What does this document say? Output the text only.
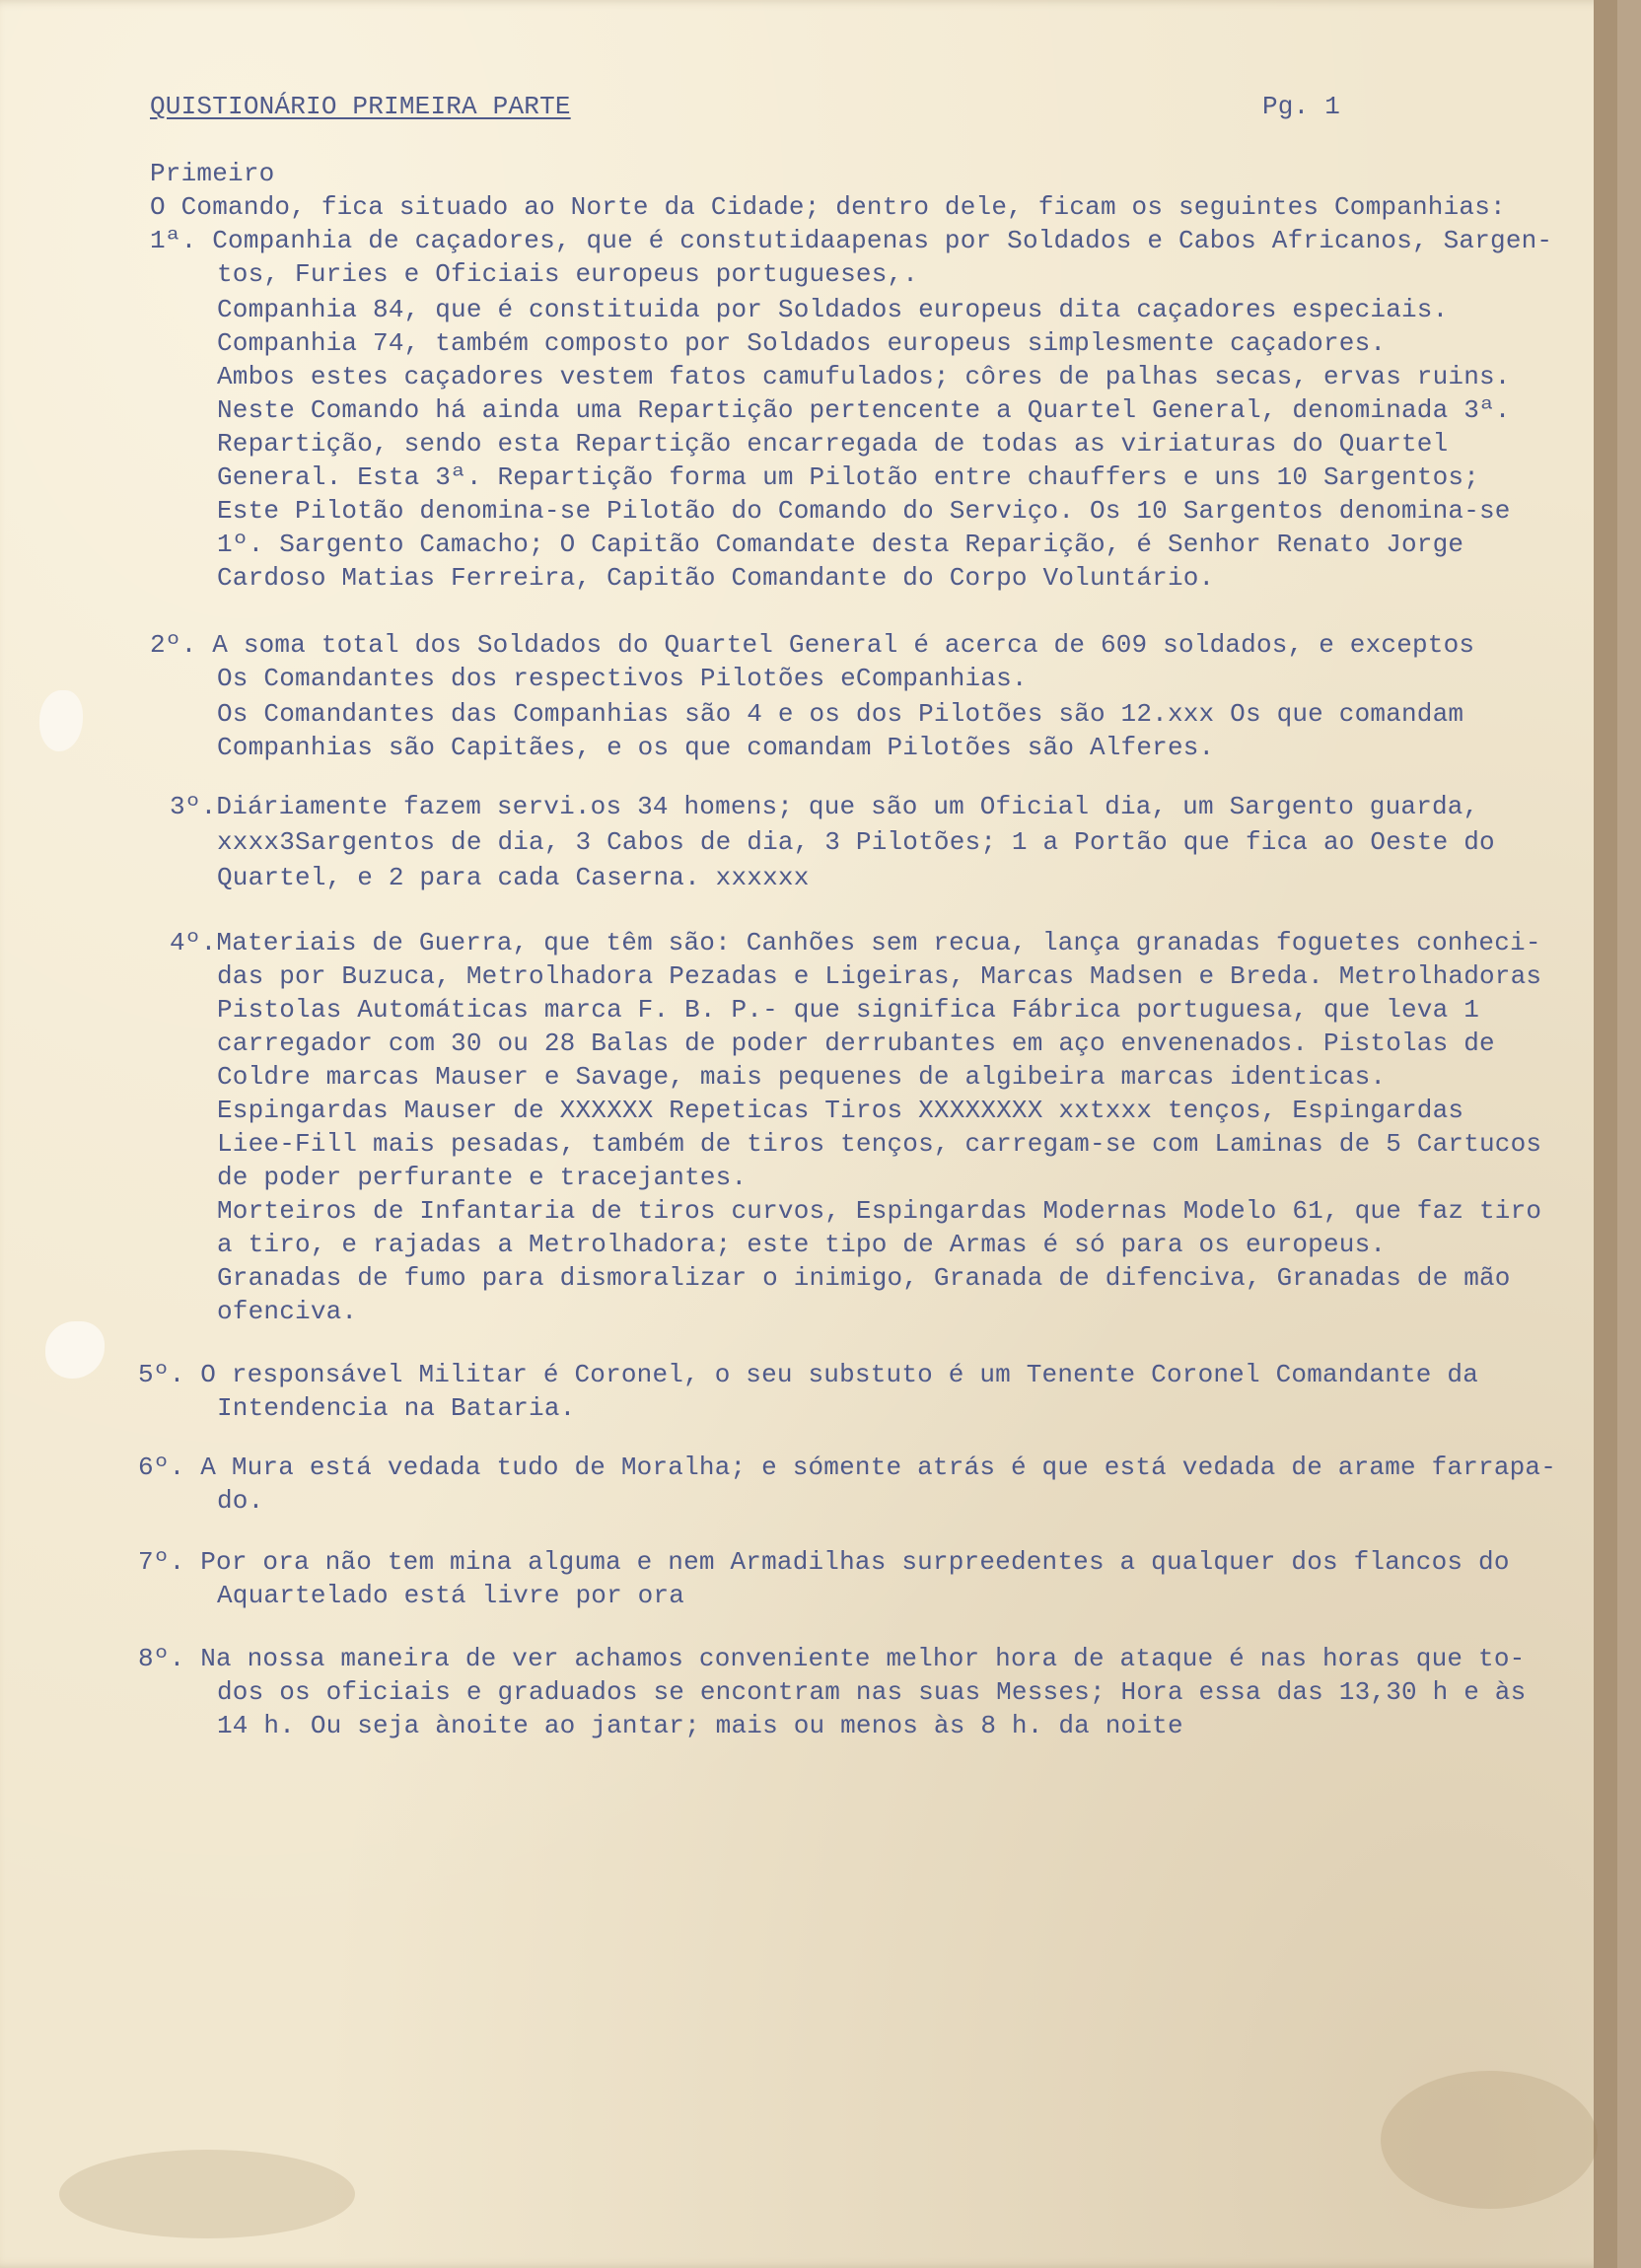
QUISTIONÁRIO PRIMEIRA PARTE	Pg. 1
Primeiro
O Comando, fica situado ao Norte da Cidade; dentro dele, ficam os seguintes Companhias:
1ª. Companhia de caçadores, que é constutidaapenas por Soldados e Cabos Africanos, Sargen-
tos, Furies e Oficiais europeus portugueses,.
Companhia 84, que é constituida por Soldados europeus dita caçadores especiais.
Companhia 74, também composto por Soldados europeus simplesmente caçadores.
Ambos estes caçadores vestem fatos camufulados; côres de palhas secas, ervas ruins.
Neste Comando há ainda uma Repartição pertencente a Quartel General, denominada 3ª.
Repartição, sendo esta Repartição encarregada de todas as viriaturas do Quartel
General. Esta 3ª. Repartição forma um Pilotão entre chauffers e uns 10 Sargentos;
Este Pilotão denomina-se Pilotão do Comando do Serviço. Os 10 Sargentos denomina-se
1º. Sargento Camacho; O Capitão Comandate desta Reparição, é Senhor Renato Jorge
Cardoso Matias Ferreira, Capitão Comandante do Corpo Voluntário.
2º. A soma total dos Soldados do Quartel General é acerca de 609 soldados, e exceptos
Os Comandantes dos respectivos Pilotões eCompanhias.
Os Comandantes das Companhias são 4 e os dos Pilotões são 12.xxx Os que comandam
Companhias são Capitães, e os que comandam Pilotões são Alferes.
3º.Diáriamente fazem servi.os 34 homens; que são um Oficial dia, um Sargento guarda,
xxxx3Sargentos de dia, 3 Cabos de dia, 3 Pilotões; 1 a Portão que fica ao Oeste do
Quartel, e 2 para cada Caserna. xxxxxx
4º.Materiais de Guerra, que têm são: Canhões sem recua, lança granadas foguetes conheci-
das por Buzuca, Metrolhadora Pezadas e Ligeiras, Marcas Madsen e Breda. Metrolhadoras
Pistolas Automáticas marca F. B. P.- que significa Fábrica portuguesa, que leva 1
carregador com 30 ou 28 Balas de poder derrubantes em aço envenenados. Pistolas de
Coldre marcas Mauser e Savage, mais pequenes de algibeira marcas identicas.
Espingardas Mauser de XXXXXX Repeticas Tiros XXXXXXXX xxtxxx tenços, Espingardas
Liee-Fill mais pesadas, também de tiros tenços, carregam-se com Laminas de 5 Cartucos
de poder perfurante e tracejantes.
Morteiros de Infantaria de tiros curvos, Espingardas Modernas Modelo 61, que faz tiro
a tiro, e rajadas a Metrolhadora; este tipo de Armas é só para os europeus.
Granadas de fumo para dismoralizar o inimigo, Granada de difenciva, Granadas de mão
ofenciva.
5º. O responsável Militar é Coronel, o seu substuto é um Tenente Coronel Comandante da
Intendencia na Bataria.
6º. A Mura está vedada tudo de Moralha; e sómente atrás é que está vedada de arame farrapa-
do.
7º. Por ora não tem mina alguma e nem Armadilhas surpreedentes a qualquer dos flancos do
Aquartelado está livre por ora
8º. Na nossa maneira de ver achamos conveniente melhor hora de ataque é nas horas que to-
dos os oficiais e graduados se encontram nas suas Messes; Hora essa das 13,30 h e às
14 h. Ou seja ànoite ao jantar; mais ou menos às 8 h. da noite
